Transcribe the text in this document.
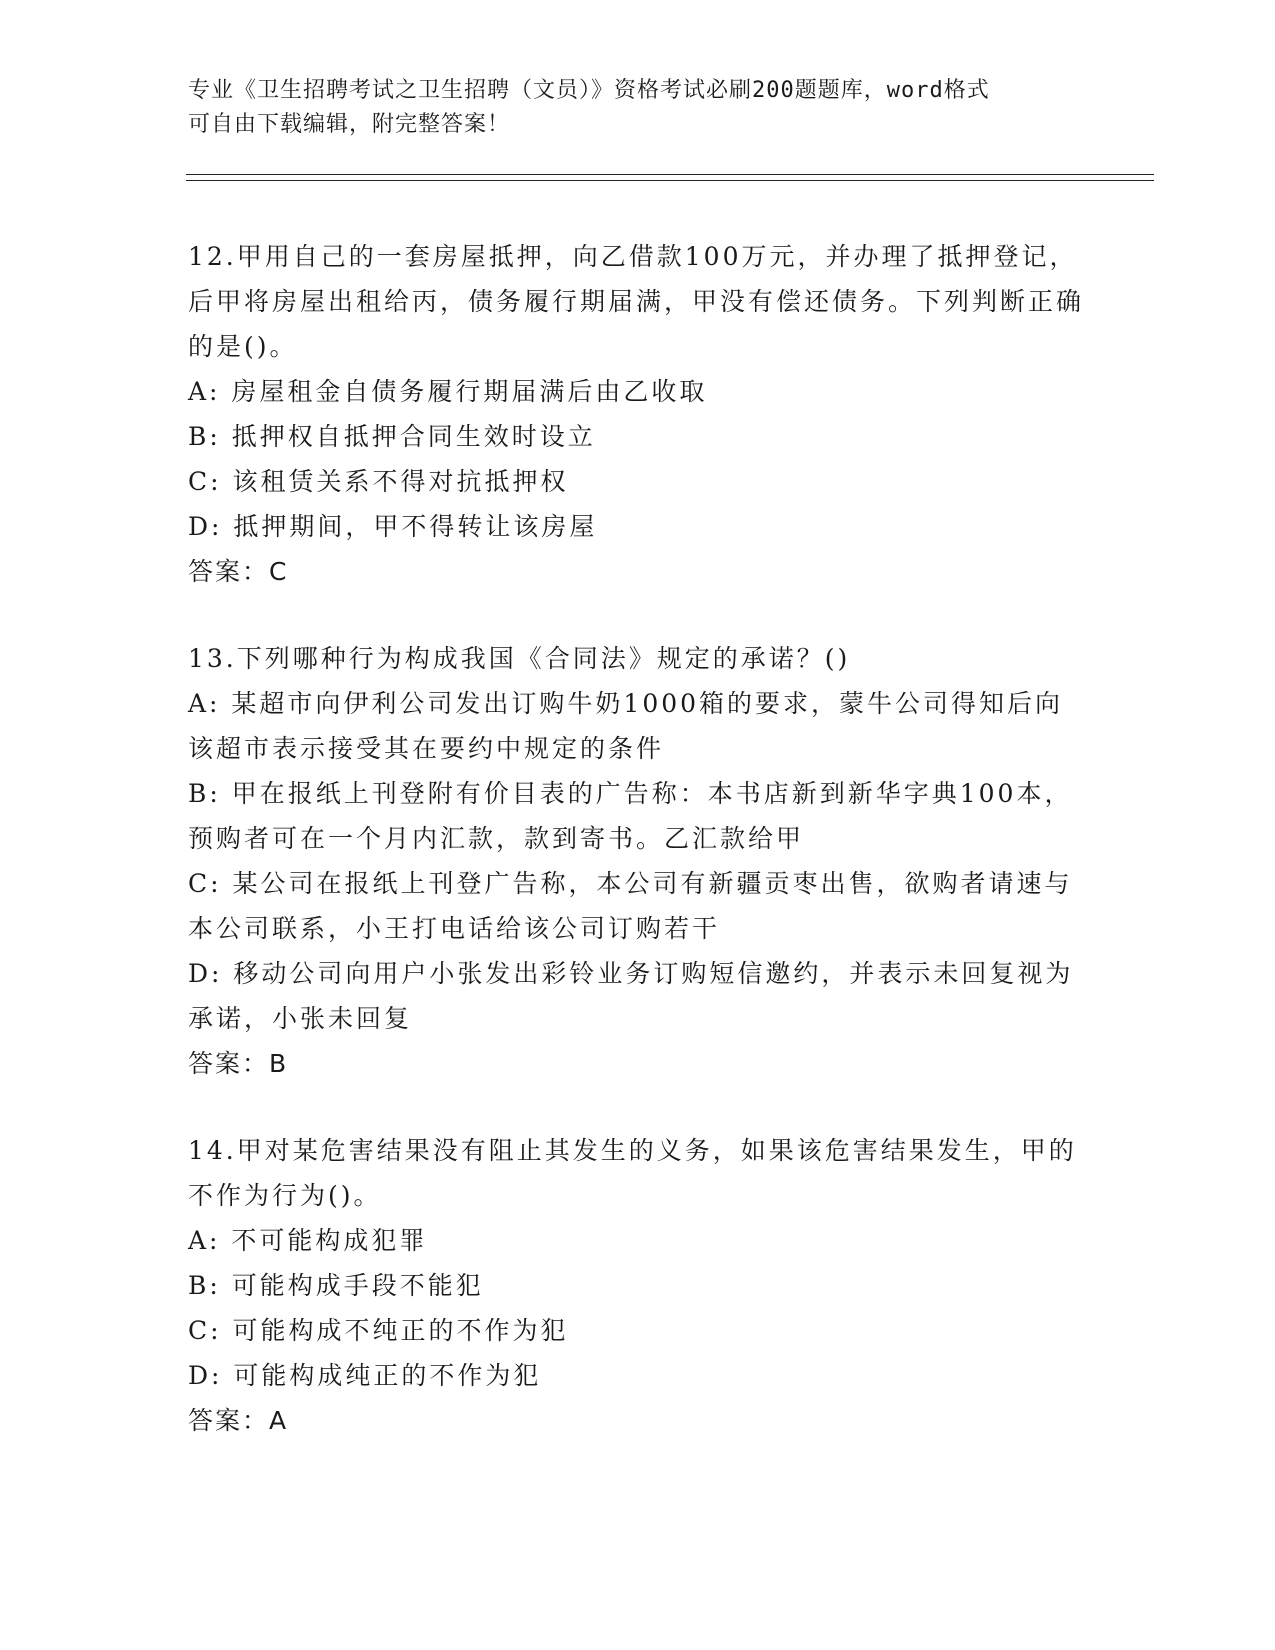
专业《卫生招聘考试之卫生招聘（文员）》资格考试必刷200题题库，word格式
可自由下载编辑，附完整答案！

12.甲用自己的一套房屋抵押，向乙借款100万元，并办理了抵押登记，后甲将房屋出租给丙，债务履行期届满，甲没有偿还债务。下列判断正确的是()。

A: 房屋租金自债务履行期届满后由乙收取

B: 抵押权自抵押合同生效时设立

C: 该租赁关系不得对抗抵押权

D: 抵押期间，甲不得转让该房屋

答案：C

13.下列哪种行为构成我国《合同法》规定的承诺？()

A: 某超市向伊利公司发出订购牛奶1000箱的要求，蒙牛公司得知后向该超市表示接受其在要约中规定的条件

B: 甲在报纸上刊登附有价目表的广告称：本书店新到新华字典100本，预购者可在一个月内汇款，款到寄书。乙汇款给甲

C: 某公司在报纸上刊登广告称，本公司有新疆贡枣出售，欲购者请速与本公司联系，小王打电话给该公司订购若干

D: 移动公司向用户小张发出彩铃业务订购短信邀约，并表示未回复视为承诺，小张未回复

答案：B

14.甲对某危害结果没有阻止其发生的义务，如果该危害结果发生，甲的不作为行为()。

A: 不可能构成犯罪

B: 可能构成手段不能犯

C: 可能构成不纯正的不作为犯

D: 可能构成纯正的不作为犯

答案：A
